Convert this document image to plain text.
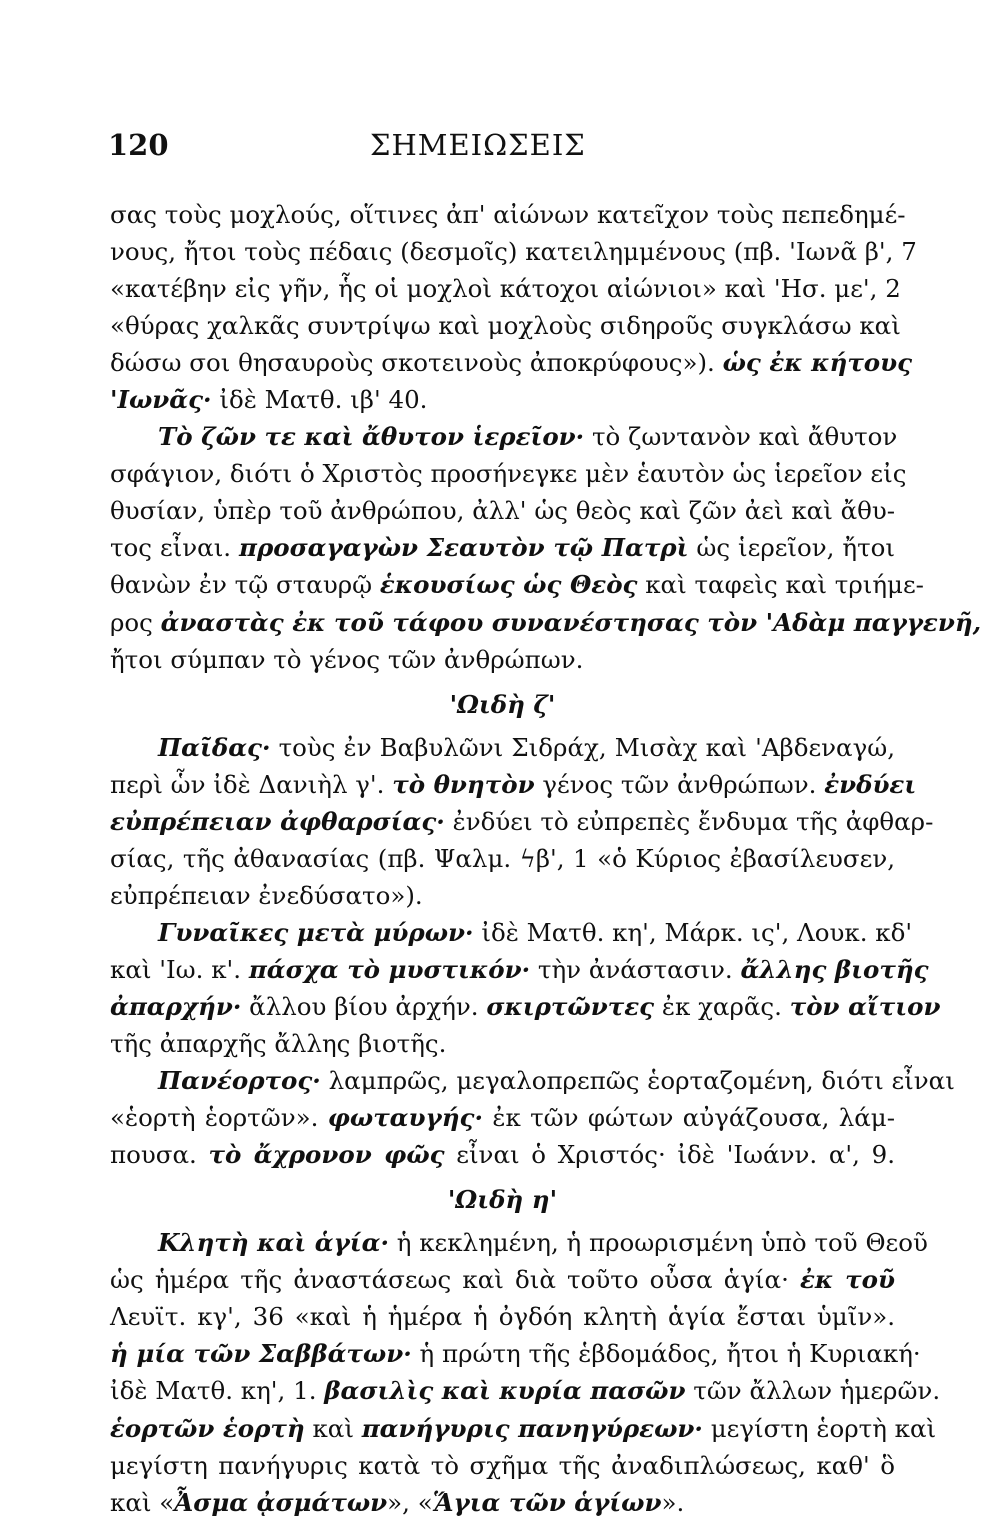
120	ΣΗΜΕΙΩΣΕΙΣ
σας τοὺς μοχλούς, οἵτινες ἀπ' αἰώνων κατεῖχον τοὺς πεπεδημέ-
νους, ἤτοι τοὺς πέδαις (δεσμοῖς) κατειλημμένους (πβ. 'Ιωνᾶ β', 7
«κατέβην εἰς γῆν, ἧς οἱ μοχλοὶ κάτοχοι αἰώνιοι» καὶ 'Ησ. με', 2
«θύρας χαλκᾶς συντρίψω καὶ μοχλοὺς σιδηροῦς συγκλάσω καὶ
δώσω σοι θησαυροὺς σκοτεινοὺς ἀποκρύφους»). ὡς ἐκ κήτους
'Ιωνᾶς· ἰδὲ Ματθ. ιβ' 40.
Τὸ ζῶν τε καὶ ἄθυτον ἱερεῖον· τὸ ζωντανὸν καὶ ἄθυτον
σφάγιον, διότι ὁ Χριστὸς προσήνεγκε μὲν ἑαυτὸν ὡς ἱερεῖον εἰς
θυσίαν, ὑπὲρ τοῦ ἀνθρώπου, ἀλλ' ὡς θεὸς καὶ ζῶν ἀεὶ καὶ ἄθυ-
τος εἶναι. προσαγαγὼν Σεαυτὸν τῷ Πατρὶ ὡς ἱερεῖον, ἤτοι
θανὼν ἐν τῷ σταυρῷ ἑκουσίως ὡς Θεὸς καὶ ταφεὶς καὶ τριήμε-
ρος ἀναστὰς ἐκ τοῦ τάφου συνανέστησας τὸν 'Αδὰμ παγγενῆ,
ἤτοι σύμπαν τὸ γένος τῶν ἀνθρώπων.
'Ωιδὴ ζ'
Παῖδας· τοὺς ἐν Βαβυλῶνι Σιδράχ, Μισὰχ καὶ 'Αβδεναγώ,
περὶ ὧν ἰδὲ Δανιὴλ γ'. τὸ θνητὸν γένος τῶν ἀνθρώπων. ἐνδύει
εὐπρέπειαν ἀφθαρσίας· ἐνδύει τὸ εὐπρεπὲς ἔνδυμα τῆς ἀφθαρ-
σίας, τῆς ἀθανασίας (πβ. Ψαλμ. ϟβ', 1 «ὁ Κύριος ἐβασίλευσεν,
εὐπρέπειαν ἐνεδύσατο»).
Γυναῖκες μετὰ μύρων· ἰδὲ Ματθ. κη', Μάρκ. ις', Λουκ. κδ'
καὶ 'Ιω. κ'. πάσχα τὸ μυστικόν· τὴν ἀνάστασιν. ἄλλης βιοτῆς
ἀπαρχήν· ἄλλου βίου ἀρχήν. σκιρτῶντες ἐκ χαρᾶς. τὸν αἴτιον
τῆς ἀπαρχῆς ἄλλης βιοτῆς.
Πανέορτος· λαμπρῶς, μεγαλοπρεπῶς ἑορταζομένη, διότι εἶναι
«ἑορτὴ ἑορτῶν». φωταυγής· ἐκ τῶν φώτων αὐγάζουσα, λάμ-
πουσα. τὸ ἄχρονον φῶς εἶναι ὁ Χριστός· ἰδὲ 'Ιωάνν. α', 9.
'Ωιδὴ η'
Κλητὴ καὶ ἁγία· ἡ κεκλημένη, ἡ προωρισμένη ὑπὸ τοῦ Θεοῦ
ὡς ἡμέρα τῆς ἀναστάσεως καὶ διὰ τοῦτο οὖσα ἁγία· ἐκ τοῦ
Λευϊτ. κγ', 36 «καὶ ἡ ἡμέρα ἡ ὀγδόη κλητὴ ἁγία ἔσται ὑμῖν».
ἡ μία τῶν Σαββάτων· ἡ πρώτη τῆς ἑβδομάδος, ἤτοι ἡ Κυριακή·
ἰδὲ Ματθ. κη', 1. βασιλὶς καὶ κυρία πασῶν τῶν ἄλλων ἡμερῶν.
ἑορτῶν ἑορτὴ καὶ πανήγυρις πανηγύρεων· μεγίστη ἑορτὴ καὶ
μεγίστη πανήγυρις κατὰ τὸ σχῆμα τῆς ἀναδιπλώσεως, καθ' ὃ
καὶ «Ἆσμα ᾀσμάτων», «Ἅγια τῶν ἁγίων».
